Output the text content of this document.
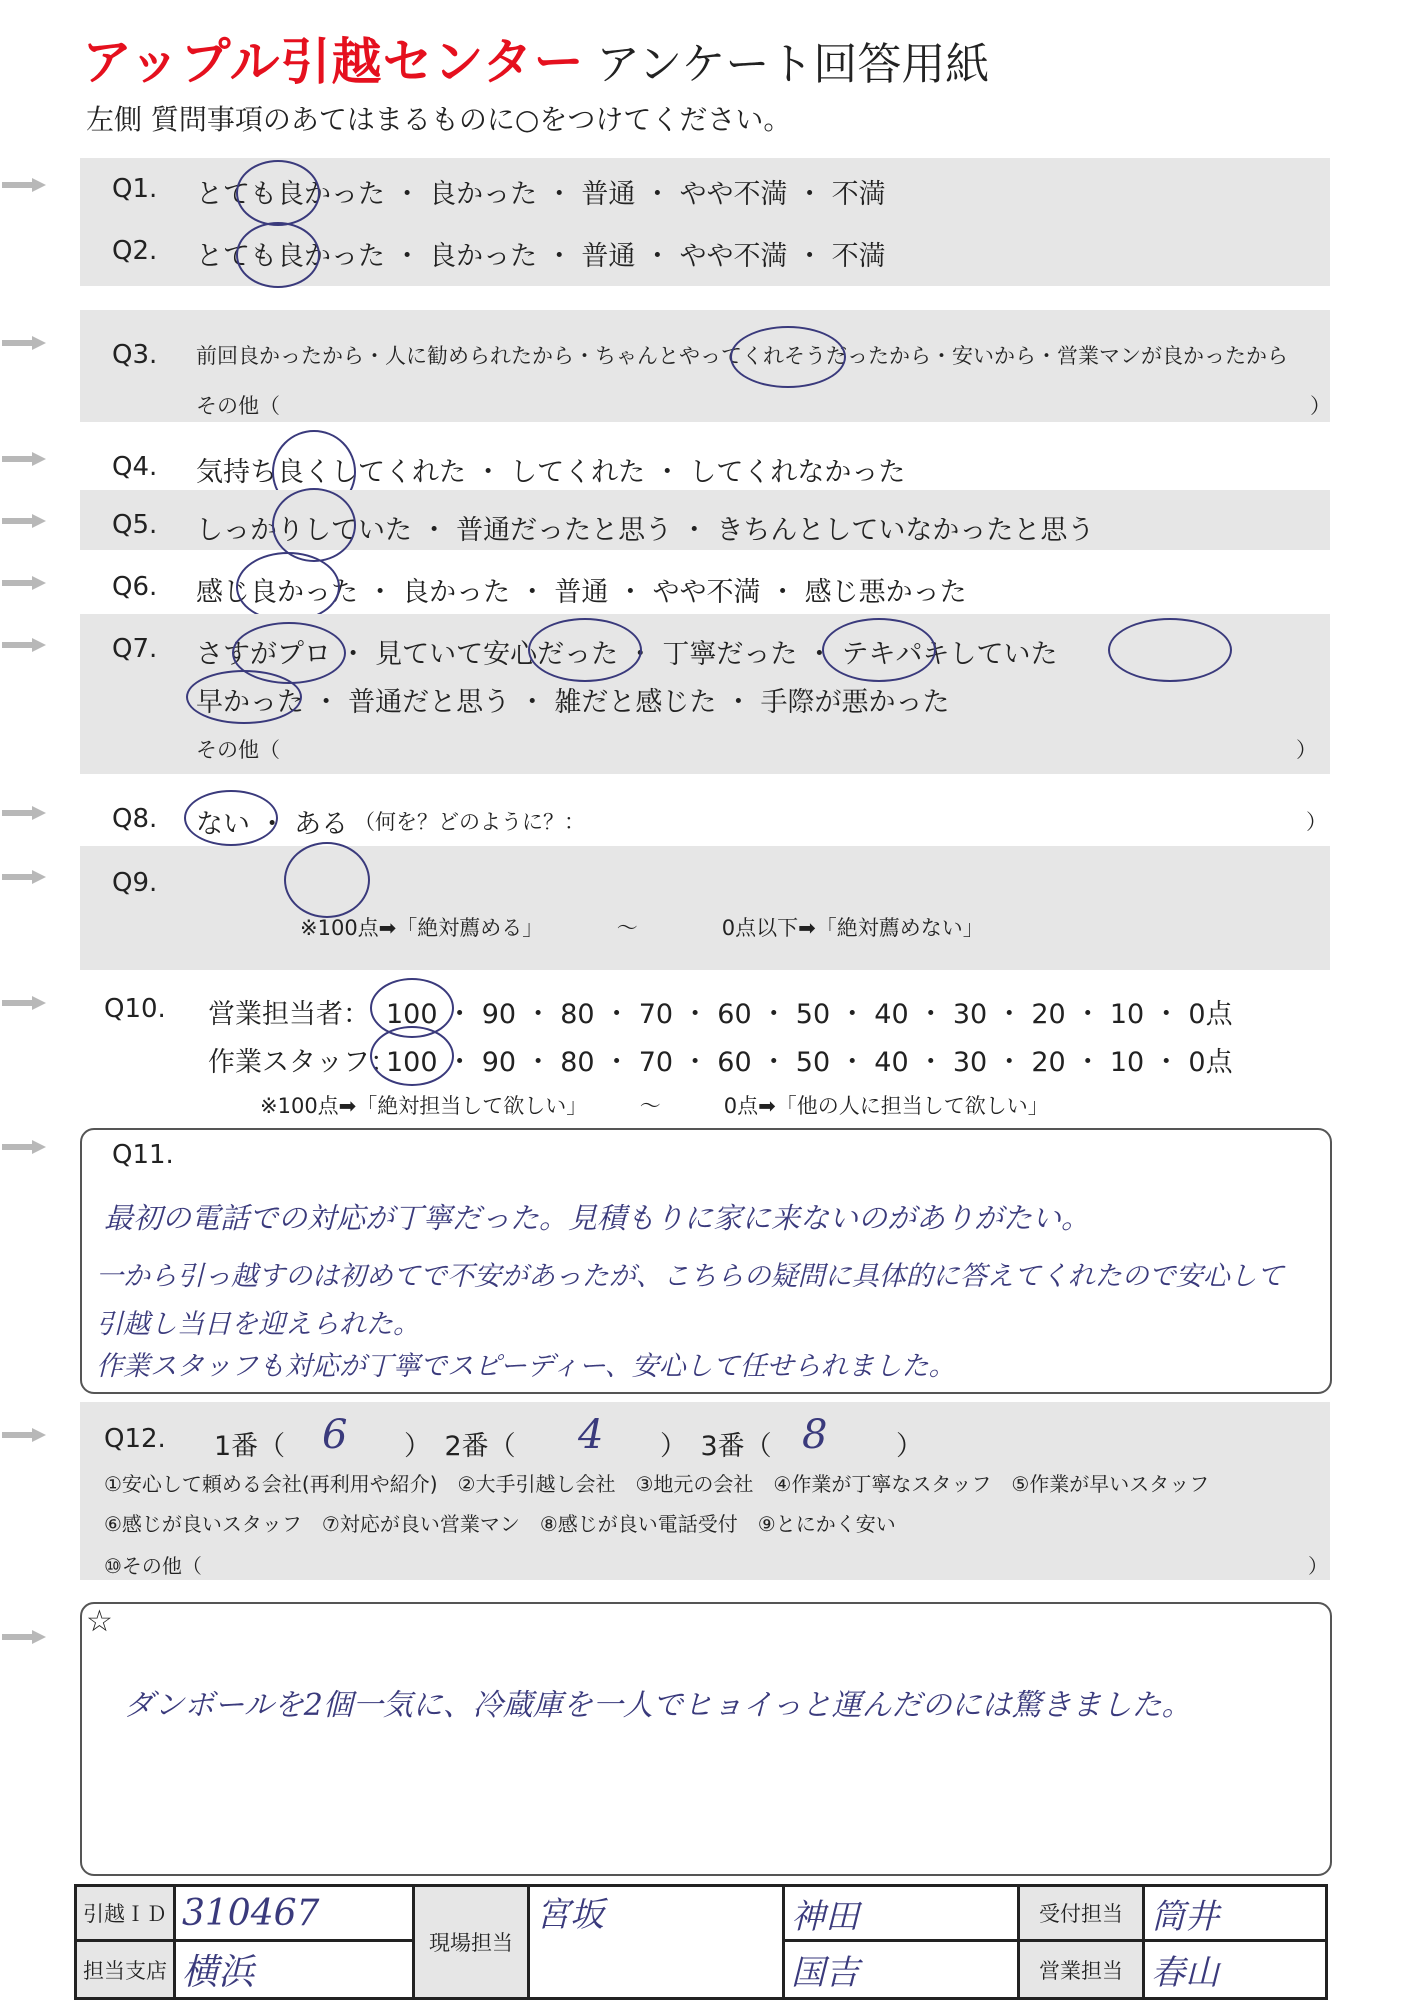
アップル引越センター アンケート回答用紙
左側 質問事項のあてはまるものに○をつけてください。
Q1. とても良かった ・ 良かった ・ 普通 ・ やや不満 ・ 不満
Q2. とても良かった ・ 良かった ・ 普通 ・ やや不満 ・ 不満
Q3. 前回良かったから・人に勧められたから・ちゃんとやってくれそうだったから・安いから・営業マンが良かったから
その他（	）
Q4. 気持ち良くしてくれた ・ してくれた ・ してくれなかった
Q5. しっかりしていた ・ 普通だったと思う ・ きちんとしていなかったと思う
Q6. 感じ良かった ・ 良かった ・ 普通 ・ やや不満 ・ 感じ悪かった
Q7. さすがプロ ・ 見ていて安心だった ・ 丁寧だった ・ テキパキしていた
早かった ・ 普通だと思う ・ 雑だと感じた ・ 手際が悪かった
その他（	）
Q8. ない ・ ある （何を？どのように？：	）
Q9.
※100点➡「絶対薦める」　　　　～　　　　0点以下➡「絶対薦めない」
Q10. 営業担当者： 100 ・ 90 ・ 80 ・ 70 ・ 60 ・ 50 ・ 40 ・ 30 ・ 20 ・ 10 ・ 0点
作業スタッフ：
100 ・ 90 ・ 80 ・ 70 ・ 60 ・ 50 ・ 40 ・ 30 ・ 20 ・ 10 ・ 0点
※100点➡「絶対担当して欲しい」　　　～　　　0点➡「他の人に担当して欲しい」
Q11.
最初の電話での対応が丁寧だった。見積もりに家に来ないのがありがたい。
一から引っ越すのは初めてで不安があったが、こちらの疑問に具体的に答えてくれたので安心して
引越し当日を迎えられた。
作業スタッフも対応が丁寧でスピーディー、安心して任せられました。
Q12. 1番（ 6 ）　2番（ 4 ）　3番（ 8	）
①安心して頼める会社(再利用や紹介)　②大手引越し会社　③地元の会社　④作業が丁寧なスタッフ　⑤作業が早いスタッフ
⑥感じが良いスタッフ　⑦対応が良い営業マン　⑧感じが良い電話受付　⑨とにかく安い
⑩その他（	）
☆
ダンボールを2個一気に、冷蔵庫を一人でヒョイっと運んだのには驚きました。
引越ＩＤ	310467	現場担当	宮坂	神田	受付担当	筒井
担当支店	横浜			国吉	営業担当	春山
